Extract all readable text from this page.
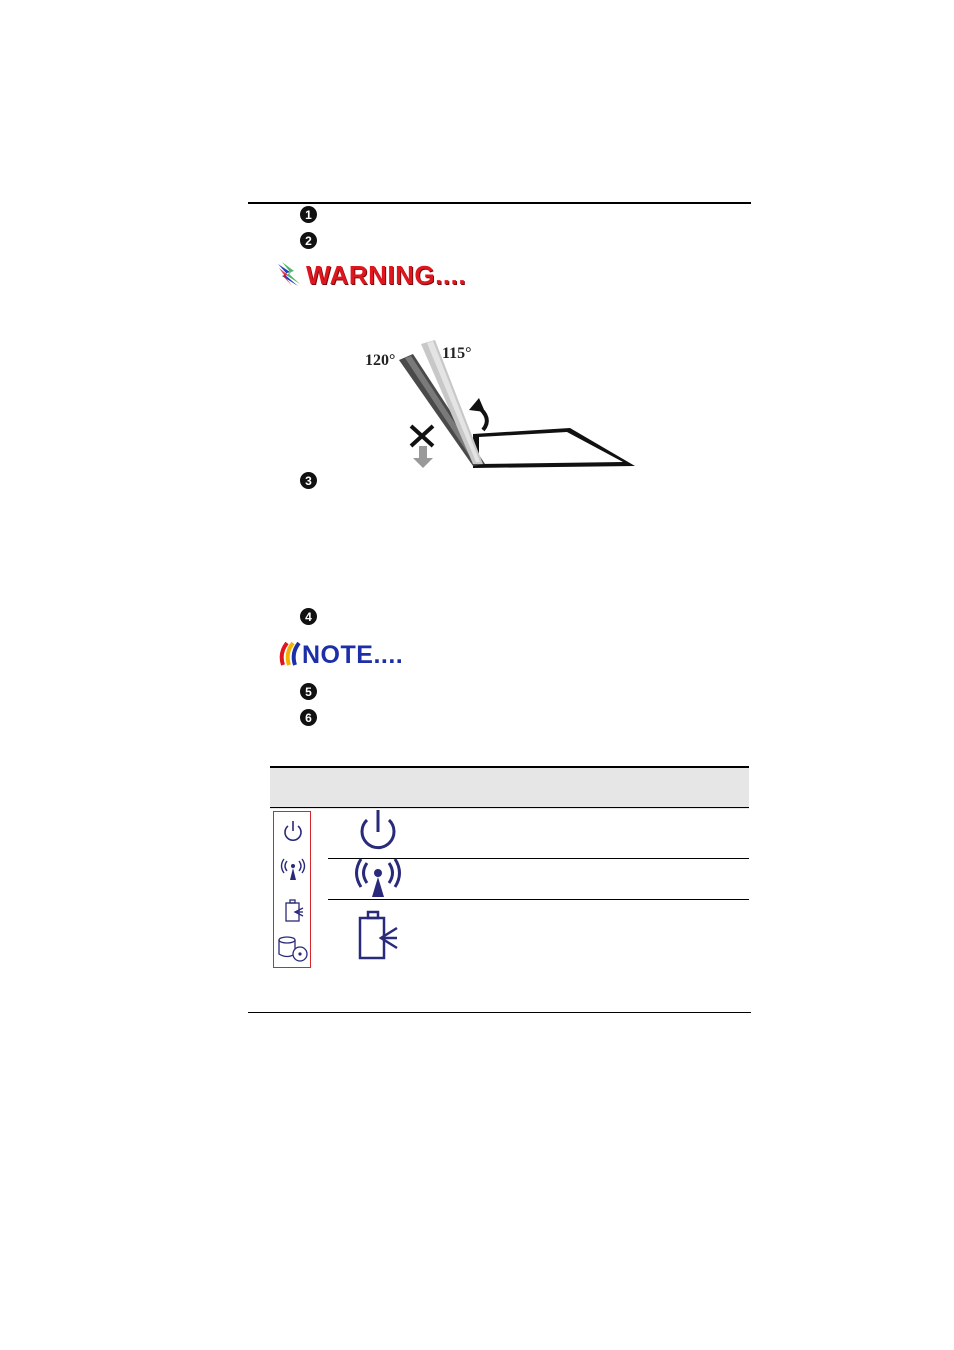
1
2
WARNING....
120°	115°
3
4
NOTE....
5
6
